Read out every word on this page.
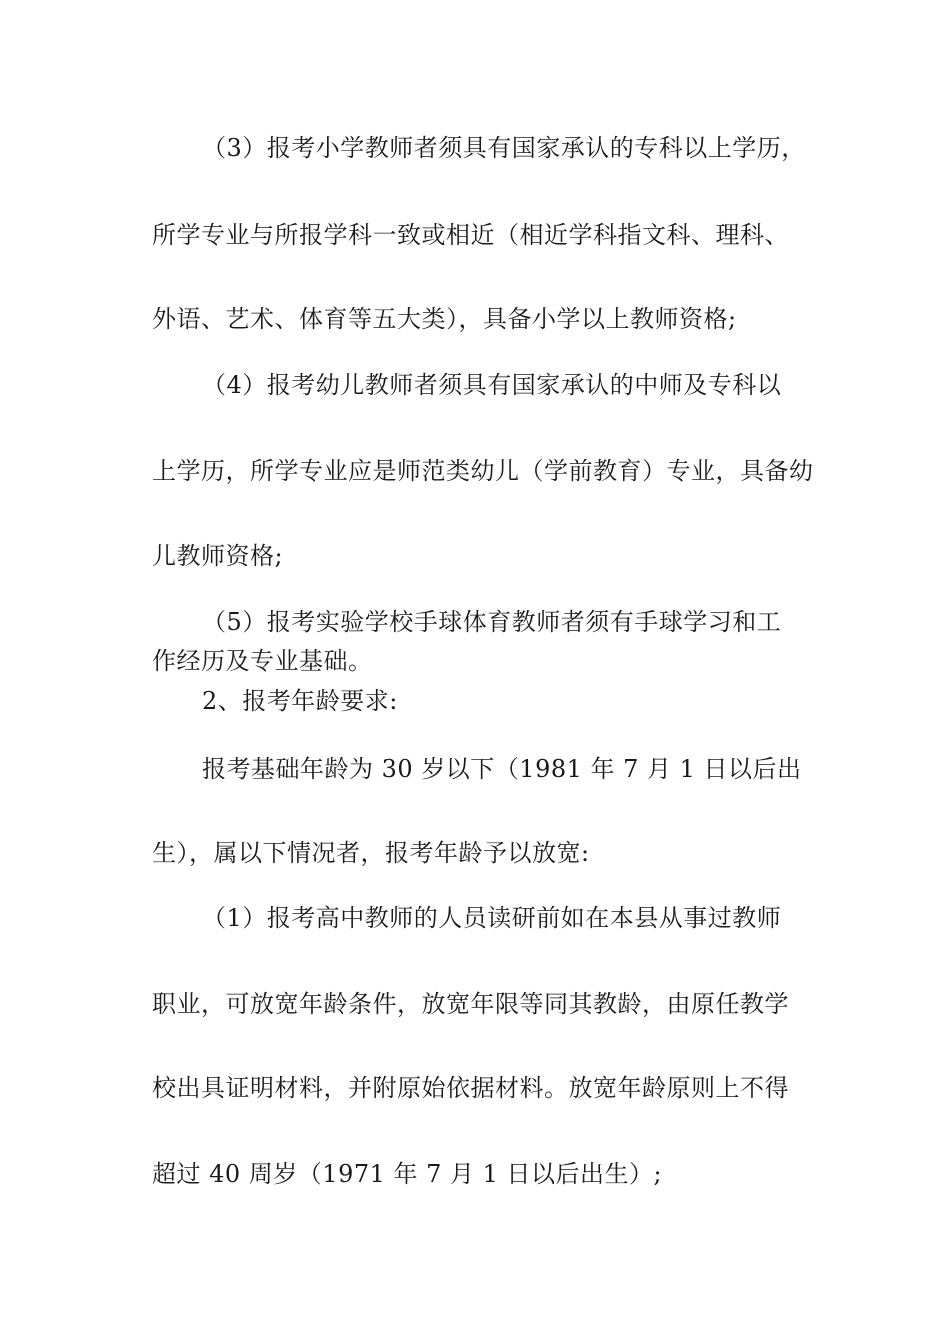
（3）报考小学教师者须具有国家承认的专科以上学历，
所学专业与所报学科一致或相近（相近学科指文科、理科、
外语、艺术、体育等五大类），具备小学以上教师资格;
（4）报考幼儿教师者须具有国家承认的中师及专科以
上学历，所学专业应是师范类幼儿（学前教育）专业，具备幼
儿教师资格;
（5）报考实验学校手球体育教师者须有手球学习和工
作经历及专业基础。
2、报考年龄要求:
报考基础年龄为 30 岁以下（1981 年 7 月 1 日以后出
生），属以下情况者，报考年龄予以放宽:
（1）报考高中教师的人员读研前如在本县从事过教师
职业，可放宽年龄条件，放宽年限等同其教龄，由原任教学
校出具证明材料，并附原始依据材料。放宽年龄原则上不得
超过 40 周岁（1971 年 7 月 1 日以后出生）;
